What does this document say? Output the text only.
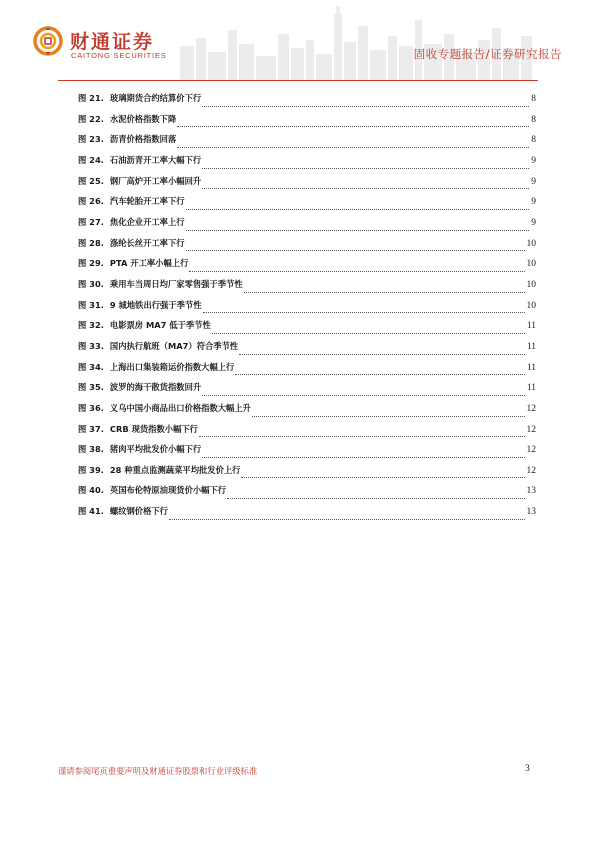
财通证券
CAITONG SECURITIES	固收专题报告/证券研究报告
图 21. 玻璃期货合约结算价下行	8
图 22. 水泥价格指数下降	8
图 23. 沥青价格指数回落	8
图 24. 石油沥青开工率大幅下行	9
图 25. 钢厂高炉开工率小幅回升	9
图 26. 汽车轮胎开工率下行	9
图 27. 焦化企业开工率上行	9
图 28. 涤纶长丝开工率下行	10
图 29. PTA 开工率小幅上行	10
图 30. 乘用车当周日均厂家零售强于季节性	10
图 31. 9 城地铁出行强于季节性	10
图 32. 电影票房 MA7 低于季节性	11
图 33. 国内执行航班（MA7）符合季节性	11
图 34. 上海出口集装箱运价指数大幅上行	11
图 35. 波罗的海干散货指数回升	11
图 36. 义乌中国小商品出口价格指数大幅上升	12
图 37. CRB 现货指数小幅下行	12
图 38. 猪肉平均批发价小幅下行	12
图 39. 28 种重点监测蔬菜平均批发价上行	12
图 40. 英国布伦特原油现货价小幅下行	13
图 41. 螺纹钢价格下行	13
谨请参阅尾页重要声明及财通证券股票和行业评级标准	3
